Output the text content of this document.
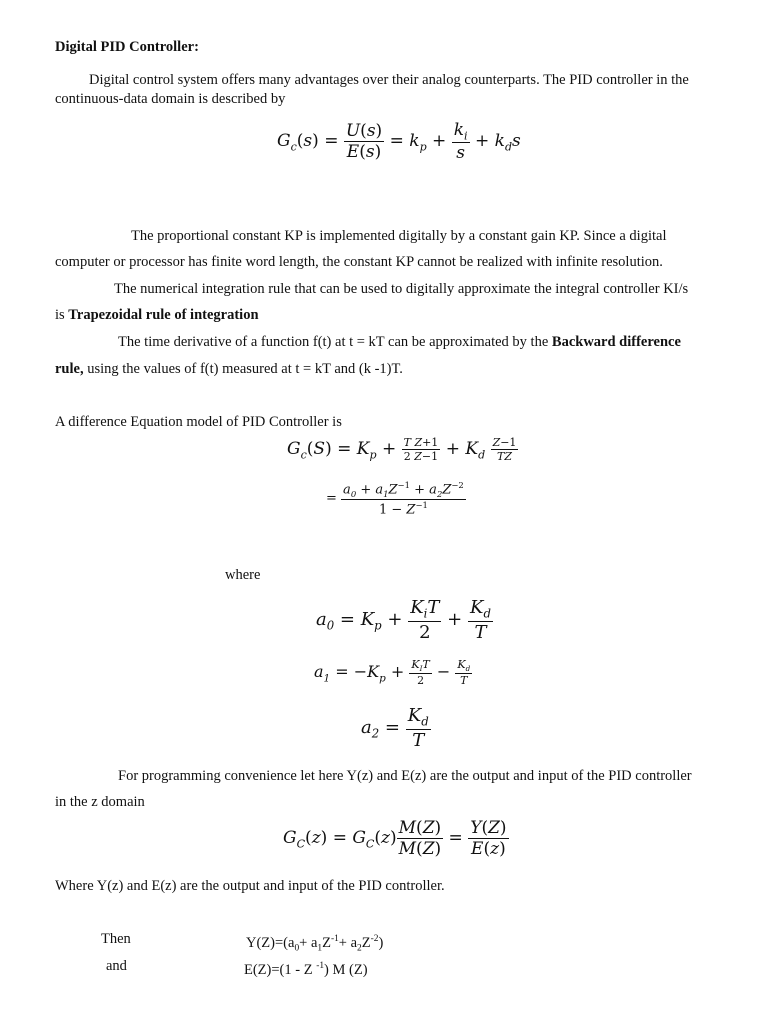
Digital PID Controller:
Digital control system offers many advantages over their analog counterparts. The PID controller in the
continuous-data domain is described by
$G_c(s) = \frac{U(s)}{E(s)} = k_p + \frac{k_i}{s} + k_ds$
The proportional constant KP is implemented digitally by a constant gain KP. Since a digital
computer or processor has finite word length, the constant KP cannot be realized with infinite resolution.
The numerical integration rule that can be used to digitally approximate the integral controller KI/s
is Trapezoidal rule of integration
The time derivative of a function f(t) at t = kT can be approximated by the Backward difference
rule, using the values of f(t) measured at t = kT and (k -1)T.
A difference Equation model of PID Controller is
$G_c(S) = K_p + \frac{\text{T Z+1}}{2 Z-1} + K_d \frac{Z-1}{TZ}$
= $\frac{a_0 + a_1Z^{-1} + a_2Z^{-2}}{1 - Z^{-1}}$
where
$a_0 = K_p + \frac{K_iT}{2} + \frac{K_d}{T}$
$a_1 = -K_p + \frac{K_IT}{2} - \frac{K_d}{T}$
$a_2 = \frac{K_d}{T}$
For programming convenience let here Y(z) and E(z) are the output and input of the PID controller
in the z domain
$G_C(z) = G_C(z) \frac{M(Z)}{M(Z)} = \frac{Y(Z)}{E(z)}$
Where Y(z) and E(z) are the output and input of the PID controller.
Then	$Y(Z)=(a_0+ a_1Z^{-1}+ a_2Z^{-2})$
and	E(Z)=(1 - Z $^{-1}$) M (Z)
